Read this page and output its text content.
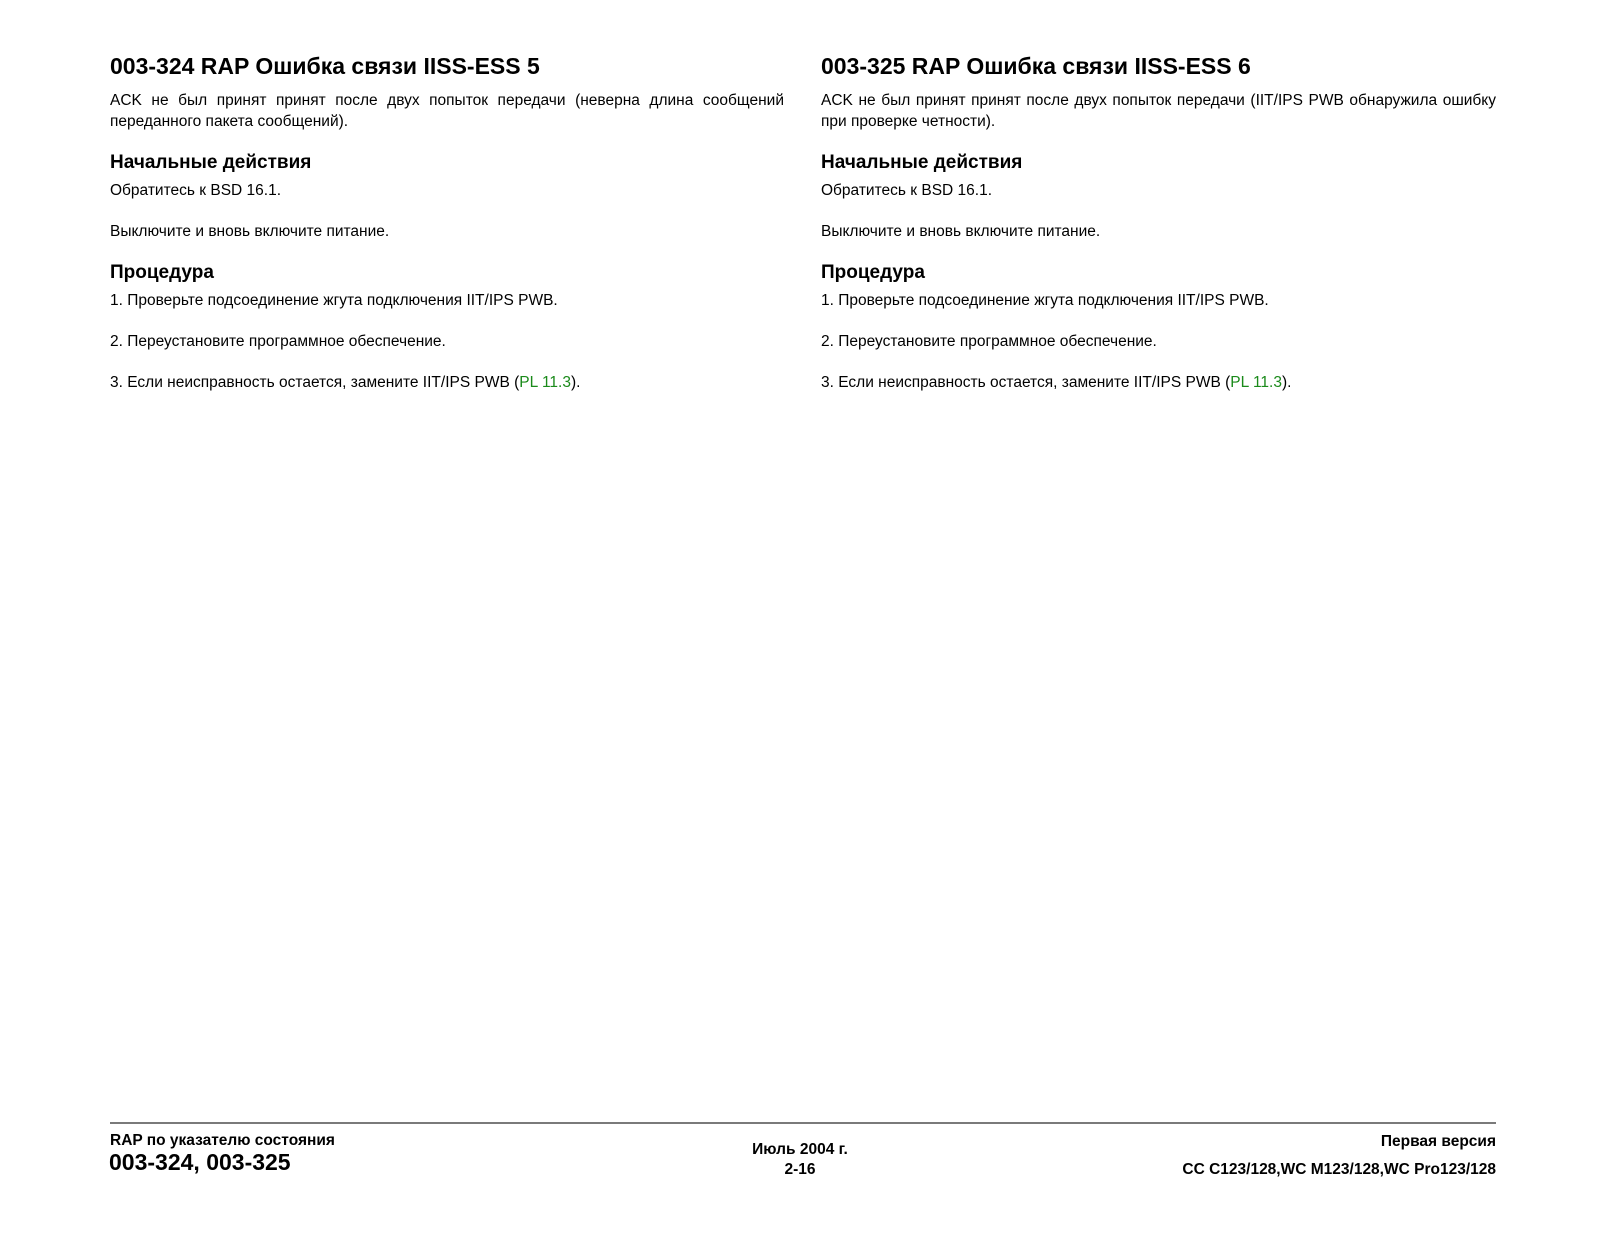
003-324 RAP Ошибка связи IISS-ESS 5

ACK не был принят принят после двух попыток передачи (неверна длина сообщений переданного пакета сообщений).

Начальные действия

Обратитесь к BSD 16.1.

Выключите и вновь включите питание.

Процедура

1. Проверьте подсоединение жгута подключения IIT/IPS PWB.

2. Переустановите программное обеспечение.

3. Если неисправность остается, замените IIT/IPS PWB (PL 11.3).

003-325 RAP Ошибка связи IISS-ESS 6

ACK не был принят принят после двух попыток передачи (IIT/IPS PWB обнаружила ошибку при проверке четности).

Начальные действия

Обратитесь к BSD 16.1.

Выключите и вновь включите питание.

Процедура

1. Проверьте подсоединение жгута подключения IIT/IPS PWB.

2. Переустановите программное обеспечение.

3. Если неисправность остается, замените IIT/IPS PWB (PL 11.3).

RAP по указателю состояния
003-324, 003-325	Июль 2004 г.
2-16
Первая версия
CC C123/128,WC M123/128,WC Pro123/128
